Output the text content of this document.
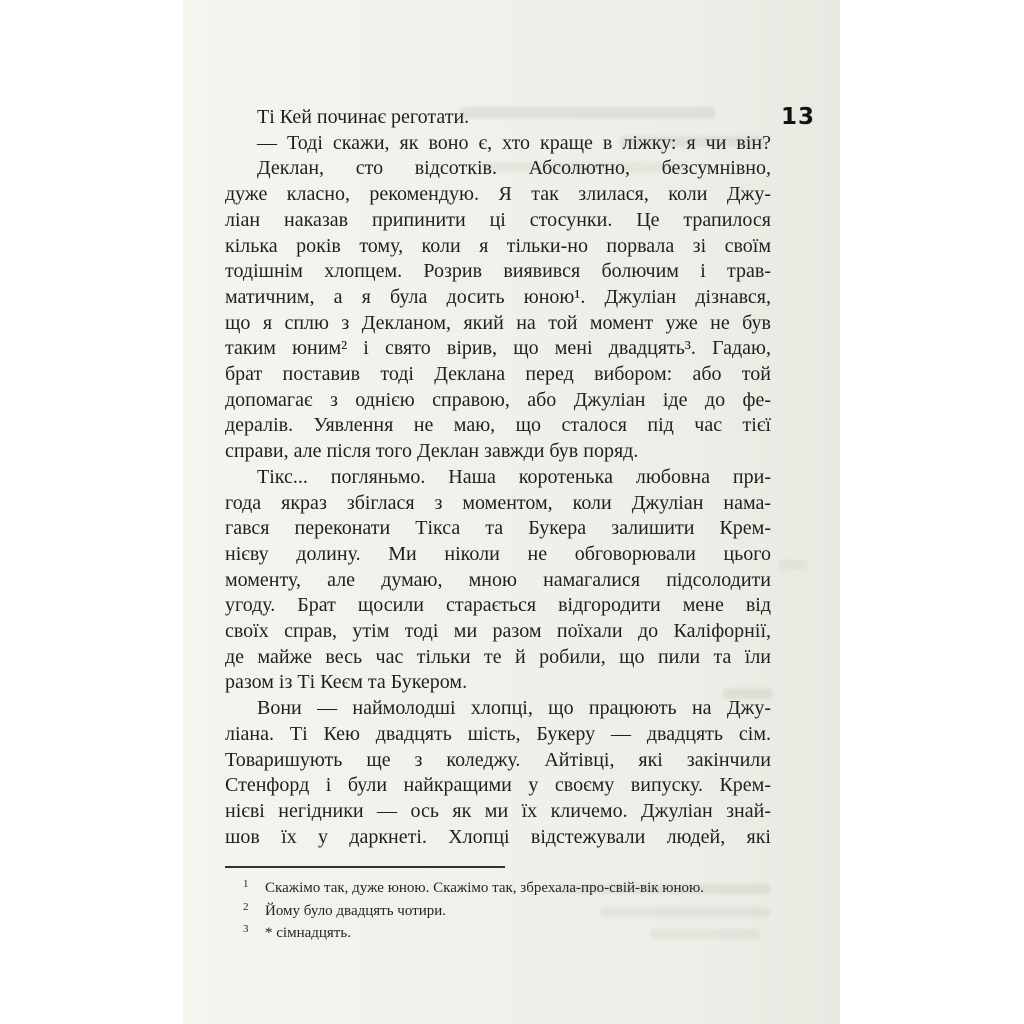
13
Ті Кей починає реготати.
— Тоді скажи, як воно є, хто краще в ліжку: я чи він?
Деклан, сто відсотків. Абсолютно, безсумнівно,
дуже класно, рекомендую. Я так злилася, коли Джу-
ліан наказав припинити ці стосунки. Це трапилося
кілька років тому, коли я тільки-но порвала зі своїм
тодішнім хлопцем. Розрив виявився болючим і трав-
матичним, а я була досить юною¹. Джуліан дізнався,
що я сплю з Декланом, який на той момент уже не був
таким юним² і свято вірив, що мені двадцять³. Гадаю,
брат поставив тоді Деклана перед вибором: або той
допомагає з однією справою, або Джуліан іде до фе-
дералів. Уявлення не маю, що сталося під час тієї
справи, але після того Деклан завжди був поряд.
Тікс... погляньмо. Наша коротенька любовна при-
года якраз збіглася з моментом, коли Джуліан нама-
гався переконати Тікса та Букера залишити Крем-
нієву долину. Ми ніколи не обговорювали цього
моменту, але думаю, мною намагалися підсолодити
угоду. Брат щосили старається відгородити мене від
своїх справ, утім тоді ми разом поїхали до Каліфорнії,
де майже весь час тільки те й робили, що пили та їли
разом із Ті Кеєм та Букером.
Вони — наймолодші хлопці, що працюють на Джу-
ліана. Ті Кею двадцять шість, Букеру — двадцять сім.
Товаришують ще з коледжу. Айтівці, які закінчили
Стенфорд і були найкращими у своєму випуску. Крем-
нієві негідники — ось як ми їх кличемо. Джуліан знай-
шов їх у даркнеті. Хлопці відстежували людей, які
1	Скажімо так, дуже юною. Скажімо так, збрехала-про-свій-вік юною.
2	Йому було двадцять чотири.
3	* сімнадцять.
